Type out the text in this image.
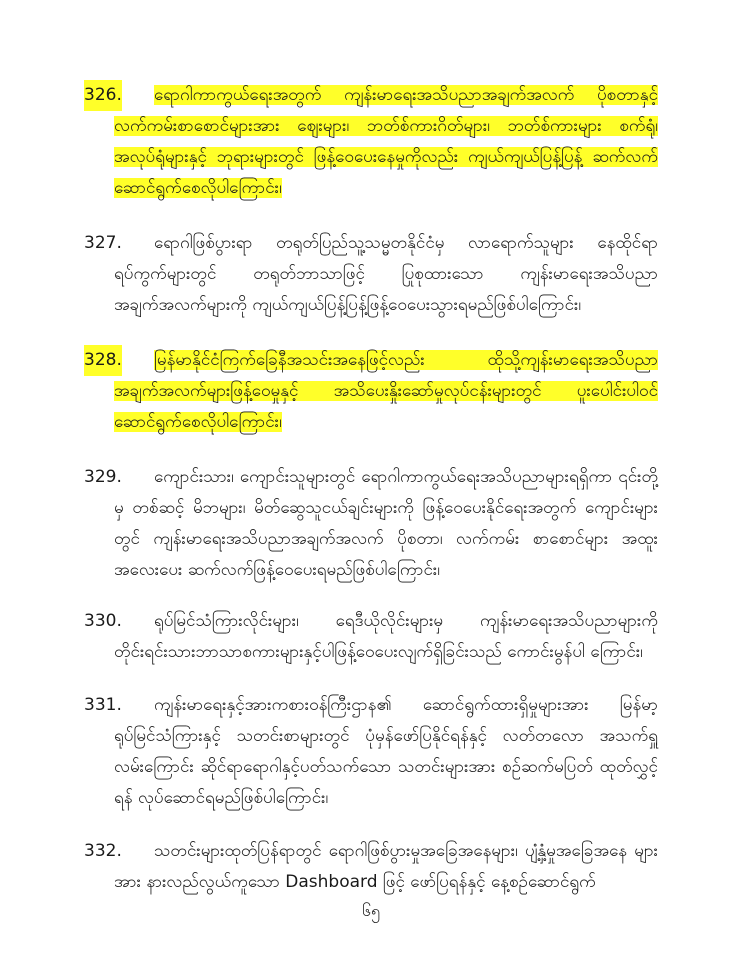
326.	ရောဂါကာကွယ်ရေးအတွက် ကျန်းမာရေးအသိပညာအချက်အလက် ပိုစတာနှင့် လက်ကမ်းစာစောင်များအား ဈေးများ၊ ဘတ်စ်ကားဂိတ်များ၊ ဘတ်စ်ကားများ စက်ရုံ၊ အလုပ်ရုံများနှင့် ဘုရားများတွင် ဖြန့်ဝေပေးနေမှုကိုလည်း ကျယ်ကျယ်ပြန့်ပြန့် ဆက်လက် ဆောင်ရွက်စေလိုပါကြောင်း၊
327.	ရောဂါဖြစ်ပွားရာ တရုတ်ပြည်သူ့သမ္မတနိုင်ငံမှ လာရောက်သူများ နေထိုင်ရာ ရပ်ကွက်များတွင် တရုတ်ဘာသာဖြင့် ပြုစုထားသော ကျန်းမာရေးအသိပညာ အချက်အလက်များကို ကျယ်ကျယ်ပြန့်ပြန့်ဖြန့်ဝေပေးသွားရမည်ဖြစ်ပါကြောင်း၊
328.	မြန်မာနိုင်ငံကြက်ခြေနီအသင်းအနေဖြင့်လည်း ထိုသို့ကျန်းမာရေးအသိပညာ အချက်အလက်များဖြန့်ဝေမှုနှင့် အသိပေးနှိုးဆော်မှုလုပ်ငန်းများတွင် ပူးပေါင်းပါဝင် ဆောင်ရွက်စေလိုပါကြောင်း၊
329.	ကျောင်းသား၊ ကျောင်းသူများတွင် ရောဂါကာကွယ်ရေးအသိပညာများရရှိကာ ၎င်းတို့ မှ တစ်ဆင့် မိဘများ၊ မိတ်ဆွေသူငယ်ချင်းများကို ဖြန့်ဝေပေးနိုင်ရေးအတွက် ကျောင်းများတွင် ကျန်းမာရေးအသိပညာအချက်အလက် ပိုစတာ၊ လက်ကမ်း စာစောင်များ အထူးအလေးပေး ဆက်လက်ဖြန့်ဝေပေးရမည်ဖြစ်ပါကြောင်း၊
330.	ရုပ်မြင်သံကြားလိုင်းများ၊ ရေဒီယိုလိုင်းများမှ ကျန်းမာရေးအသိပညာများကို တိုင်းရင်းသားဘာသာစကားများနှင့်ပါဖြန့်ဝေပေးလျက်ရှိခြင်းသည် ကောင်းမွန်ပါ ကြောင်း၊
331.	ကျန်းမာရေးနှင့်အားကစားဝန်ကြီးဌာန၏ ဆောင်ရွက်ထားရှိမှုများအား မြန်မာ့ရုပ်မြင်သံကြားနှင့် သတင်းစာများတွင် ပုံမှန်ဖော်ပြနိုင်ရန်နှင့် လတ်တလော အသက်ရှူလမ်းကြောင်း ဆိုင်ရာရောဂါနှင့်ပတ်သက်သော သတင်းများအား စဉ်ဆက်မပြတ် ထုတ်လွှင့်ရန် လုပ်ဆောင်ရမည်ဖြစ်ပါကြောင်း၊
332.	သတင်းများထုတ်ပြန်ရာတွင် ရောဂါဖြစ်ပွားမှုအခြေအနေများ၊ ပျံ့နှံ့မှုအခြေအနေ များအား နားလည်လွယ်ကူသော Dashboard ဖြင့် ဖော်ပြရန်နှင့် နေ့စဉ်ဆောင်ရွက်
၆၅
